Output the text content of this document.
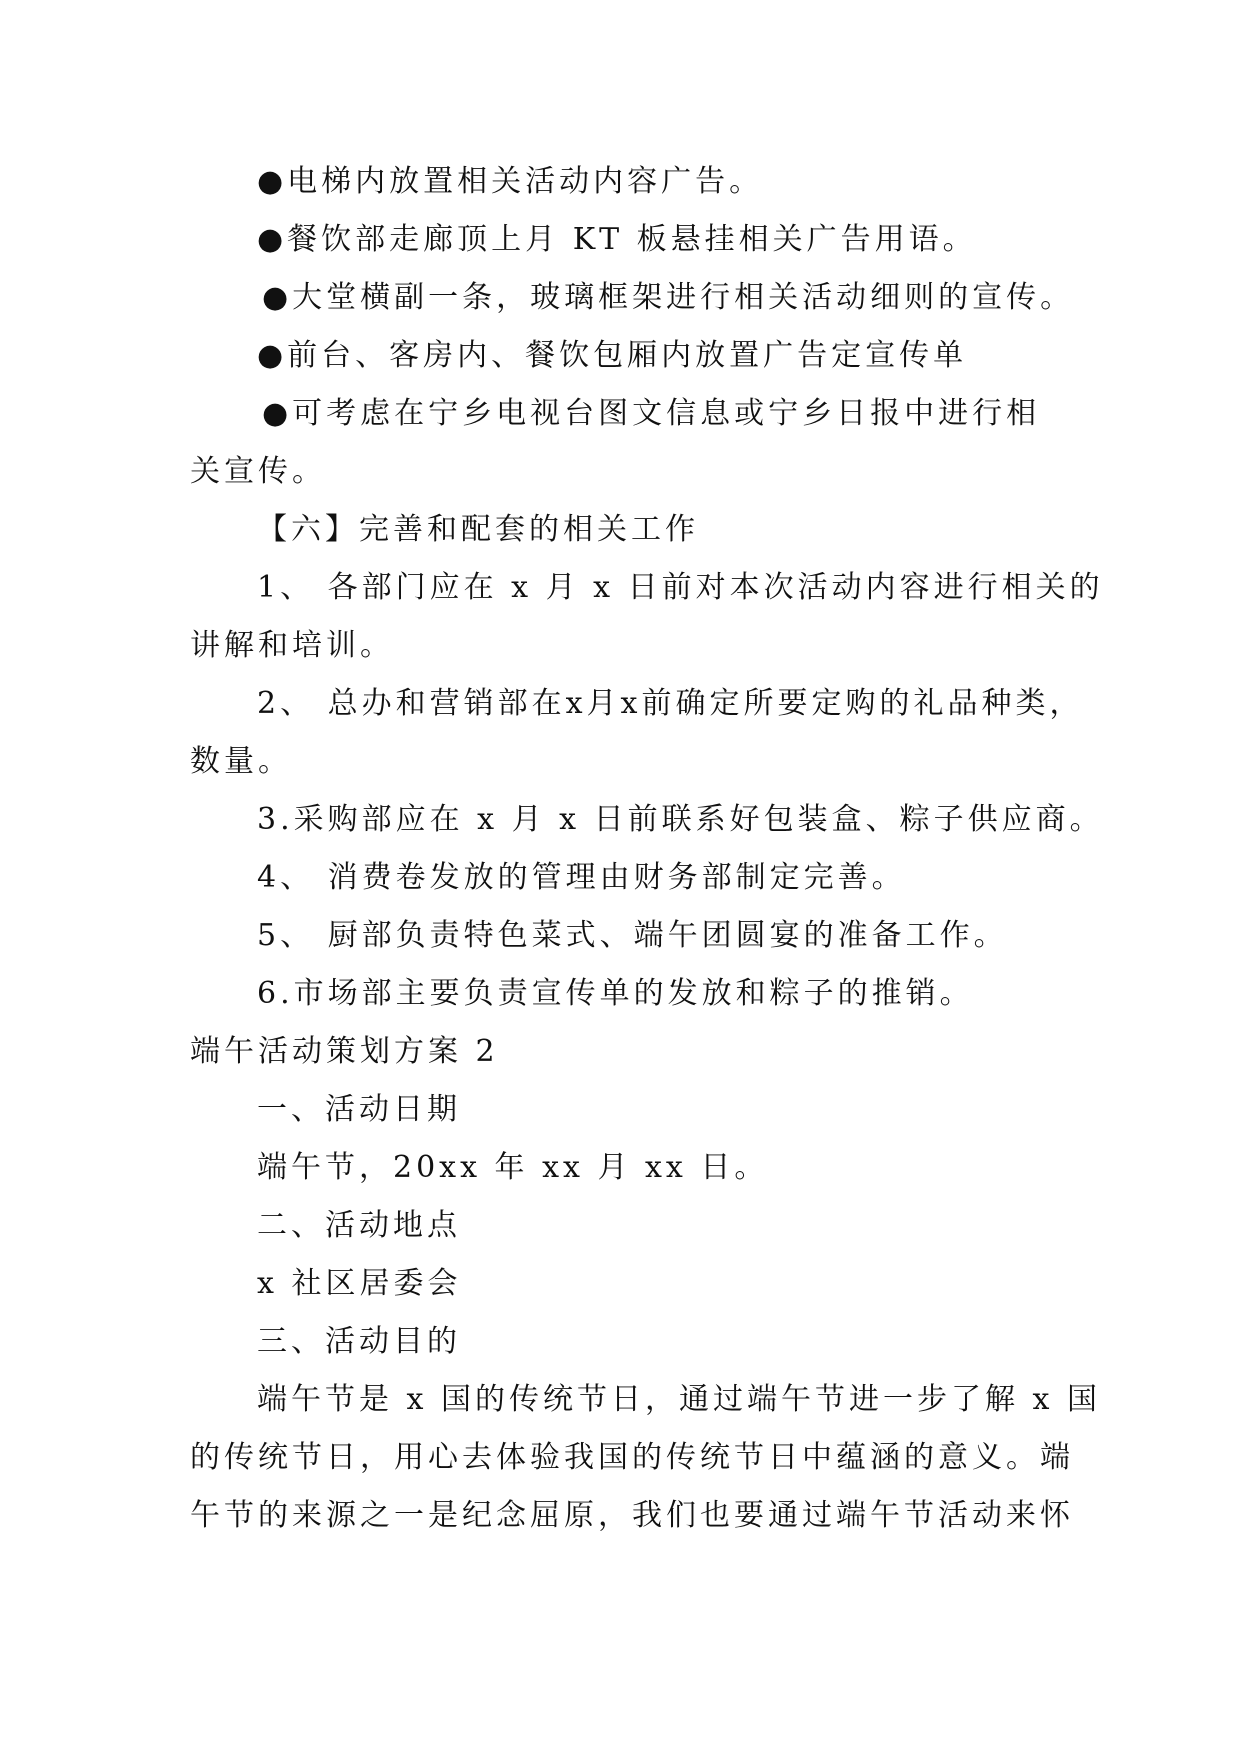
●电梯内放置相关活动内容广告。
●餐饮部走廊顶上月 KT 板悬挂相关广告用语。
●大堂横副一条，玻璃框架进行相关活动细则的宣传。
●前台、客房内、餐饮包厢内放置广告定宣传单
●可考虑在宁乡电视台图文信息或宁乡日报中进行相
关宣传。
【六】完善和配套的相关工作
1、 各部门应在 x 月 x 日前对本次活动内容进行相关的
讲解和培训。
2、 总办和营销部在x月x前确定所要定购的礼品种类，
数量。
3.采购部应在 x 月 x 日前联系好包装盒、粽子供应商。
4、 消费卷发放的管理由财务部制定完善。
5、 厨部负责特色菜式、端午团圆宴的准备工作。
6.市场部主要负责宣传单的发放和粽子的推销。
端午活动策划方案 2
一、活动日期
端午节，20xx 年 xx 月 xx 日。
二、活动地点
x 社区居委会
三、活动目的
端午节是 x 国的传统节日，通过端午节进一步了解 x 国
的传统节日，用心去体验我国的传统节日中蕴涵的意义。端
午节的来源之一是纪念屈原，我们也要通过端午节活动来怀
